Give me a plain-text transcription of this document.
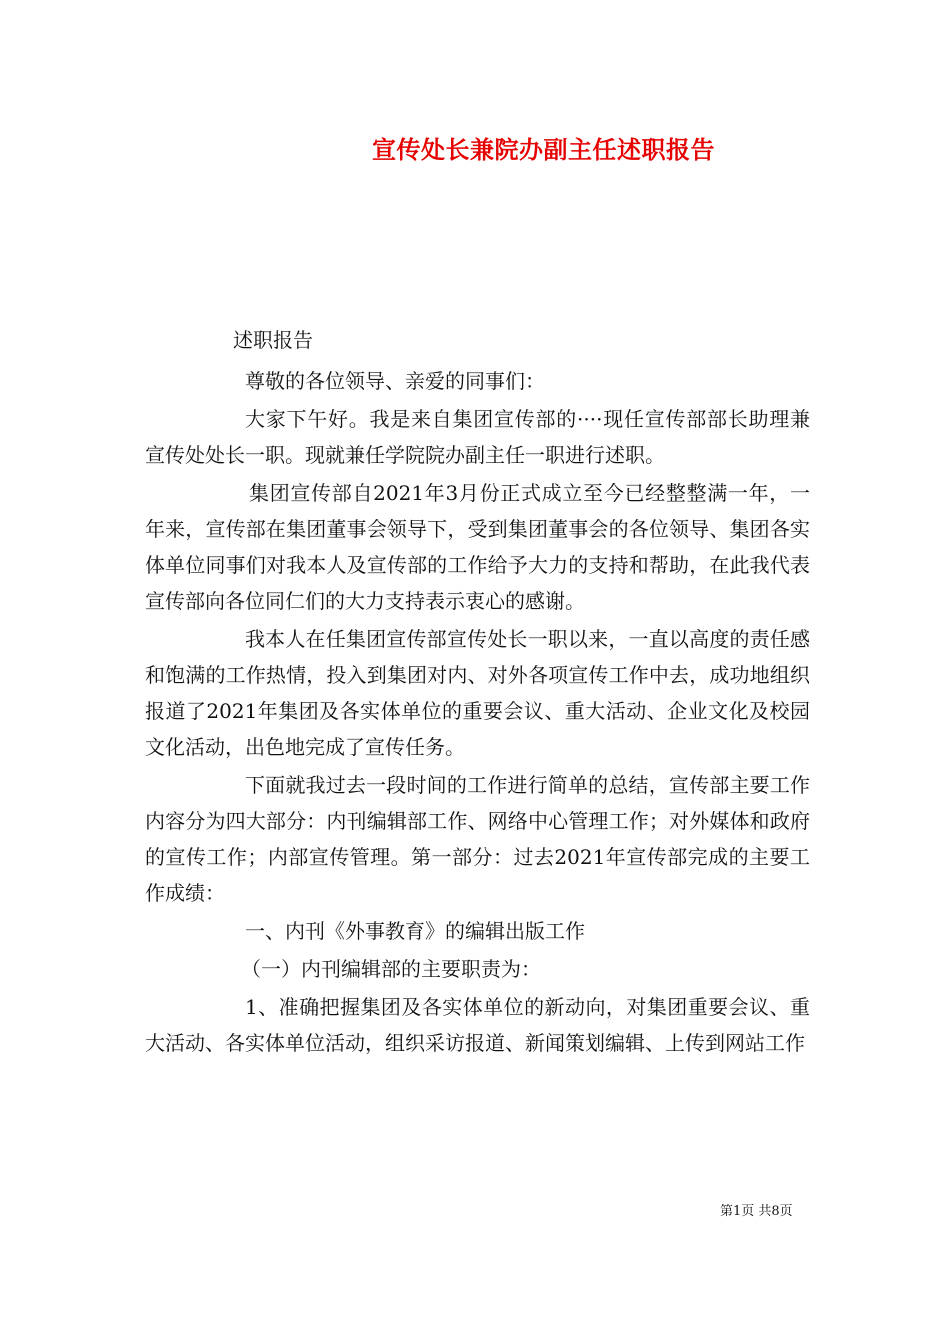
宣传处长兼院办副主任述职报告
述职报告

尊敬的各位领导、亲爱的同事们：

大家下午好。我是来自集团宣传部的····现任宣传部部长助理兼宣传处处长一职。现就兼任学院院办副主任一职进行述职。

集团宣传部自2021年3月份正式成立至今已经整整满一年，一年来，宣传部在集团董事会领导下，受到集团董事会的各位领导、集团各实体单位同事们对我本人及宣传部的工作给予大力的支持和帮助，在此我代表宣传部向各位同仁们的大力支持表示衷心的感谢。

我本人在任集团宣传部宣传处长一职以来，一直以高度的责任感和饱满的工作热情，投入到集团对内、对外各项宣传工作中去，成功地组织报道了2021年集团及各实体单位的重要会议、重大活动、企业文化及校园文化活动，出色地完成了宣传任务。

下面就我过去一段时间的工作进行简单的总结，宣传部主要工作内容分为四大部分：内刊编辑部工作、网络中心管理工作；对外媒体和政府的宣传工作；内部宣传管理。第一部分：过去2021年宣传部完成的主要工作成绩：

一、内刊《外事教育》的编辑出版工作

（一）内刊编辑部的主要职责为：

1、准确把握集团及各实体单位的新动向，对集团重要会议、重大活动、各实体单位活动，组织采访报道、新闻策划编辑、上传到网站工作

第1页 共8页
